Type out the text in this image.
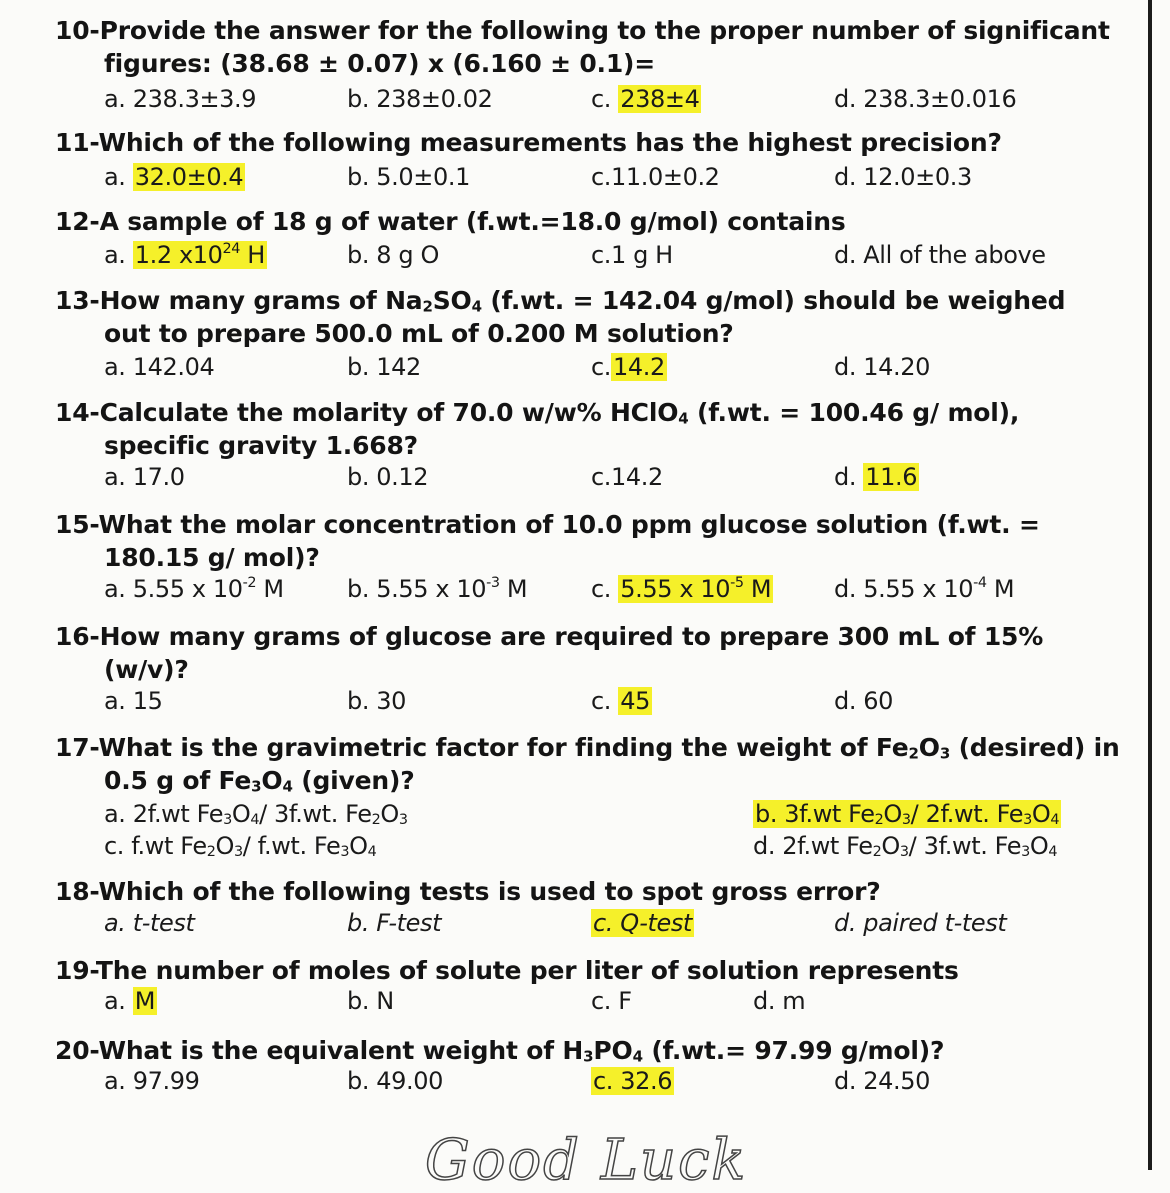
10-Provide the answer for the following to the proper number of significant
figures: (38.68 ± 0.07) x (6.160 ± 0.1)=
a. 238.3±3.9	b. 238±0.02	c. 238±4	d. 238.3±0.016
11-Which of the following measurements has the highest precision?
a. 32.0±0.4	b. 5.0±0.1	c.11.0±0.2	d. 12.0±0.3
12-A sample of 18 g of water (f.wt.=18.0 g/mol) contains
a. 1.2 $x10^{24}$ H	b. 8 g O	c.1 g H	d. All of the above
13-How many grams of $Na_2SO_4$ (f.wt. = 142.04 g/mol) should be weighed
out to prepare 500.0 mL of 0.200 M solution?
a. 142.04	b. 142	c.14.2	d. 14.20
14-Calculate the molarity of 70.0 w/w% HClO$_4$ (f.wt. = 100.46 g/ mol),
specific gravity 1.668?
a. 17.0	b. 0.12	c.14.2	d. 11.6
15-What the molar concentration of 10.0 ppm glucose solution (f.wt. =
180.15 g/ mol)?
a. 5.55 x $10^{-2}$ M	b. 5.55 x $10^{-3}$ M	c. 5.55 x $10^{-5}$ M	d. 5.55 x $10^{-4}$ M
16-How many grams of glucose are required to prepare 300 mL of 15%
(w/v)?
a. 15	b. 30	c. 45	d. 60
17-What is the gravimetric factor for finding the weight of $Fe_2O_3$ (desired) in
0.5 g of $Fe_3O_4$ (given)?
a. 2f.wt $Fe_3O_4/$ 3f.wt. $Fe_2O_3$	b. 3f.wt $Fe_2O_3/$ 2f.wt. $Fe_3O_4$
c. f.wt $Fe_2O_3/$ f.wt. $Fe_3O_4$	d. 2f.wt $Fe_2O_3/$ 3f.wt. $Fe_3O_4$
18-Which of the following tests is used to spot gross error?
a. t-test	b. F-test	c. Q-test	d. paired t-test
19-The number of moles of solute per liter of solution represents
a. M	b. N	c. F	d. m
20-What is the equivalent weight of $H_3PO_4$ (f.wt.= 97.99 g/mol)?
a. 97.99	b. 49.00	c. 32.6	d. 24.50
Good Luck
